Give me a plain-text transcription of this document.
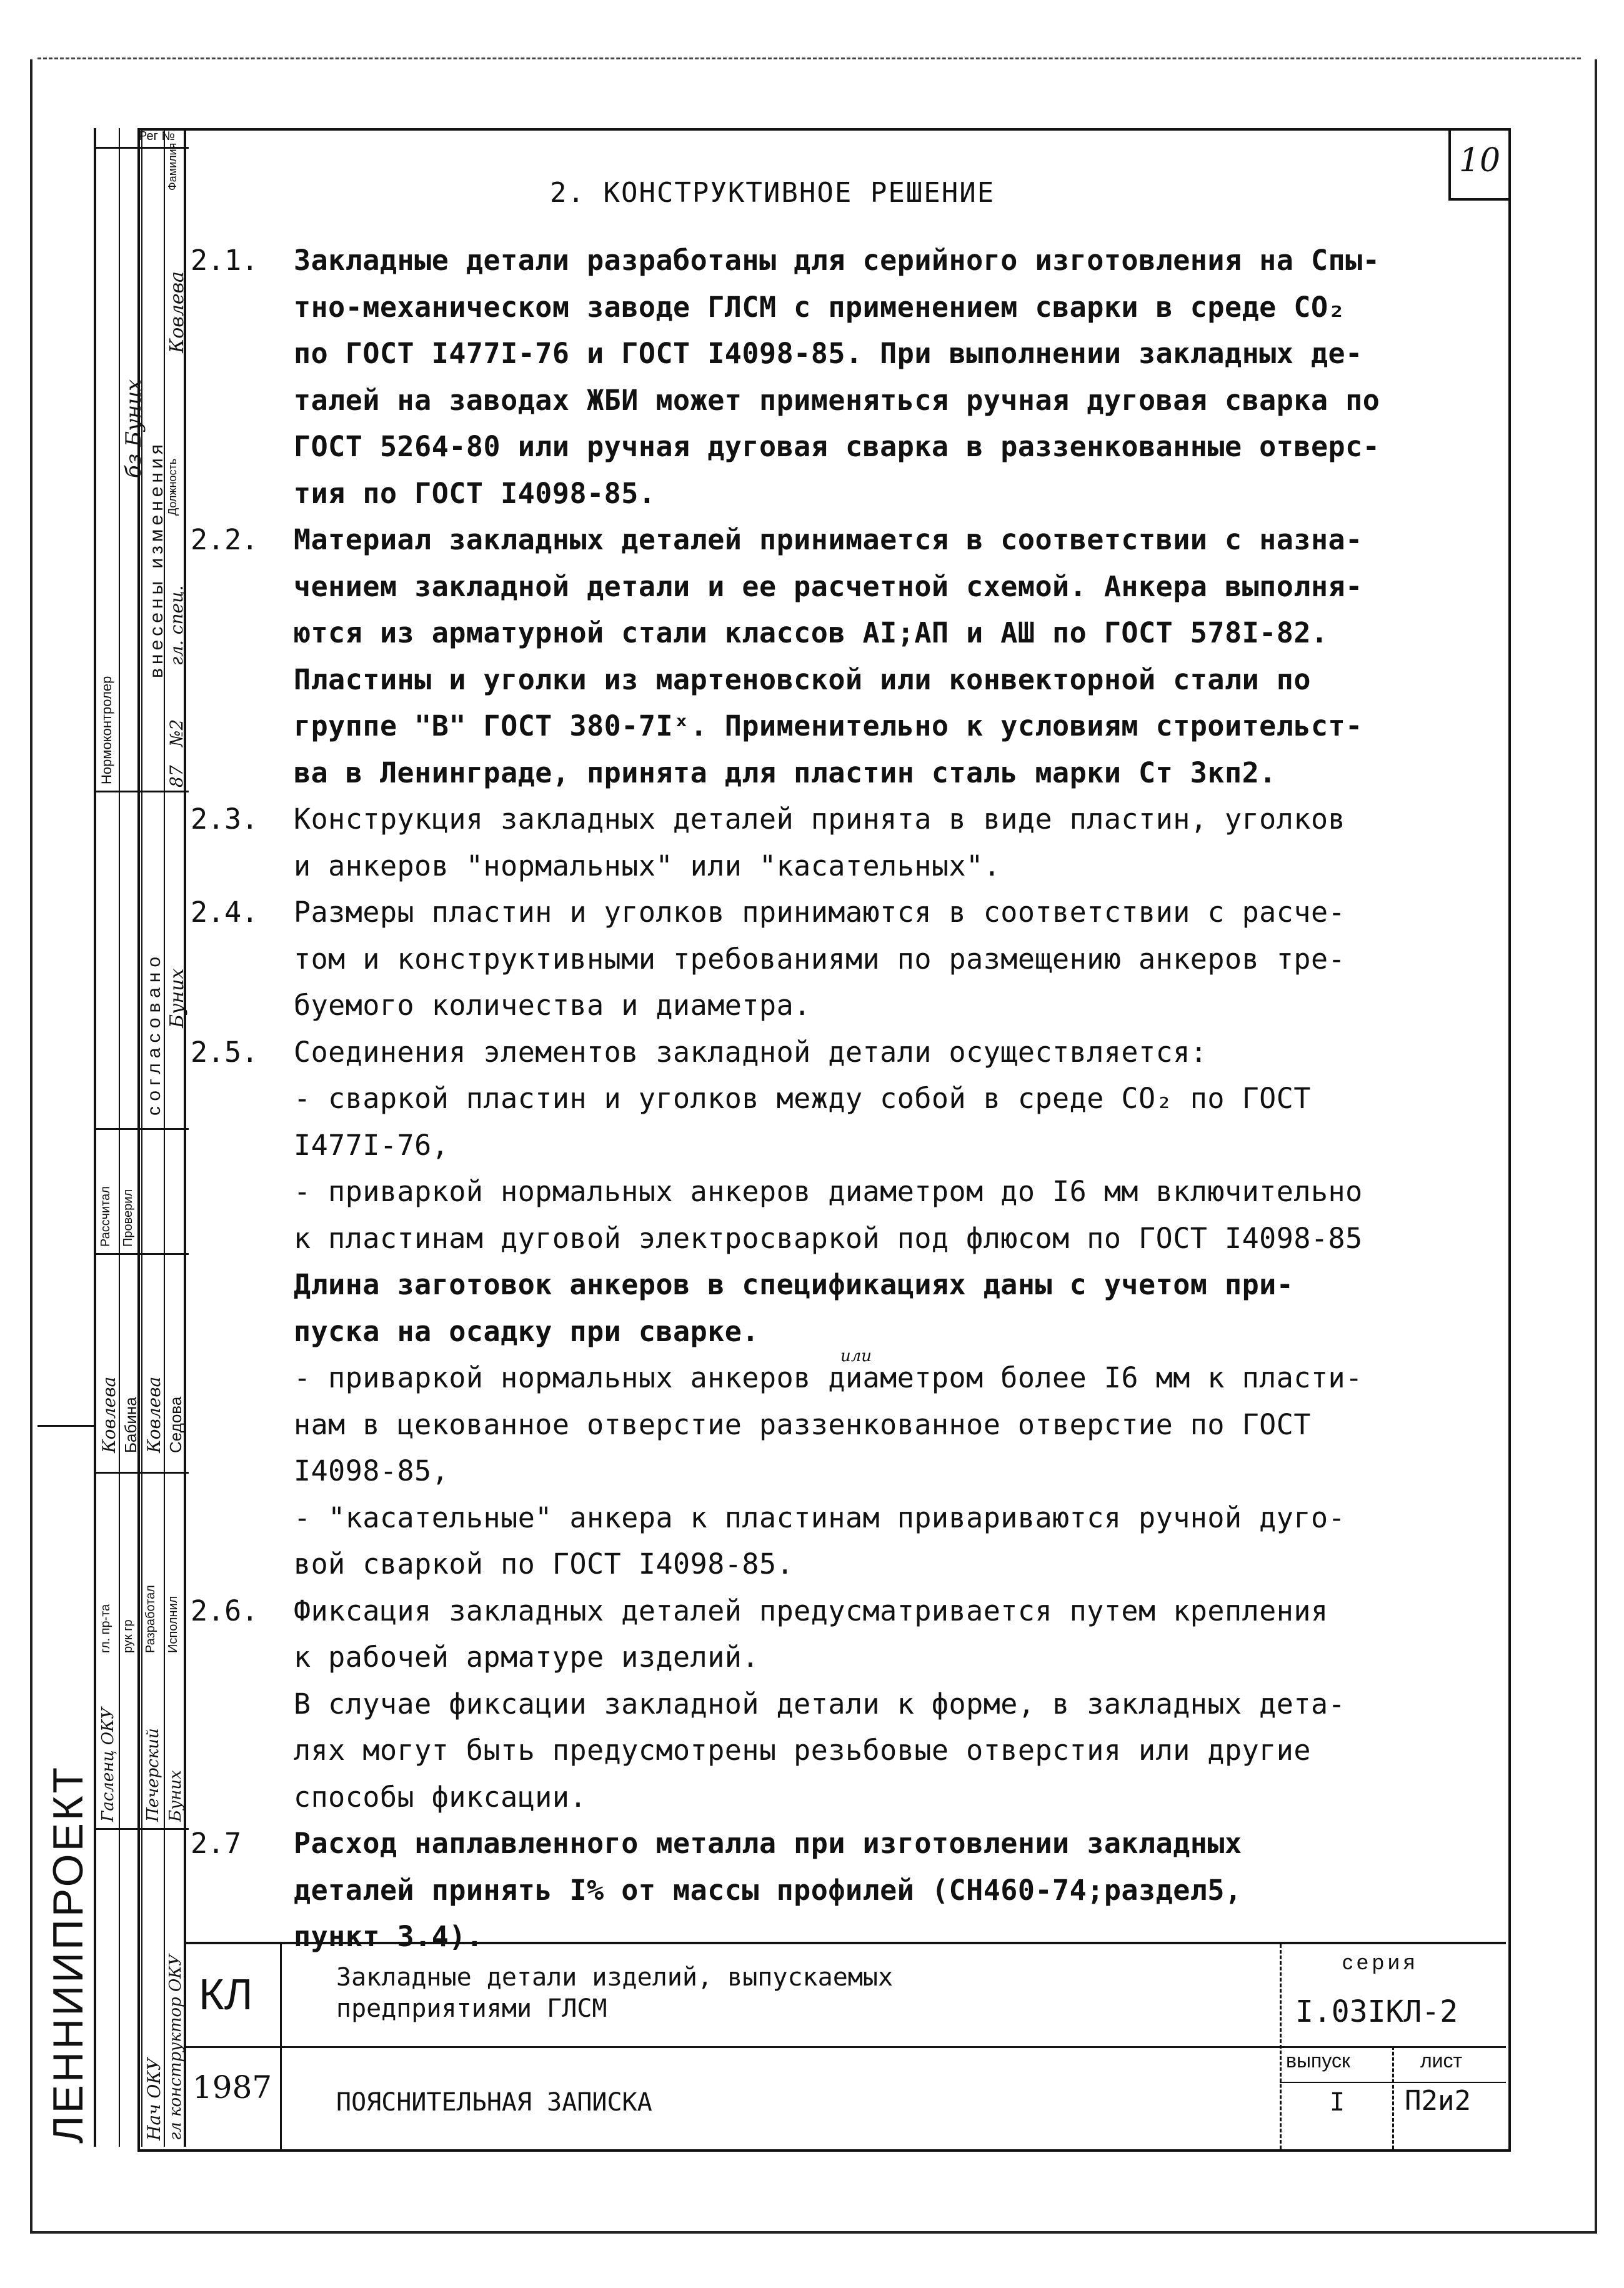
10
Рег №
внесены изменения
Ковлева
Фамилия
гл. спец.
Должность
№2
87
бз Буних
Нормоконтролер
согласовано Буних
Рассчитал Проверил
Ковлева Бабина Ковлева Седова
гл. пр-та рук гр Разработал Исполнил
Гасленц ОКУ Печерский Буних
Нач ОКУ гл конструктор ОКУ
ЛЕННИИПРОЕКТ
2. КОНСТРУКТИВНОЕ РЕШЕНИЕ
2.1. Закладные детали разработаны для серийного изготовления на Спы-
тно-механическом заводе ГЛСМ с применением сварки в среде СО₂
по ГОСТ І477І-76 и ГОСТ І4098-85. При выполнении закладных де-
талей на заводах ЖБИ может применяться ручная дуговая сварка по
ГОСТ 5264-80 или ручная дуговая сварка в раззенкованные отверс-
тия по ГОСТ І4098-85.
2.2. Материал закладных деталей принимается в соответствии с назна-
чением закладной детали и ее расчетной схемой. Анкера выполня-
ются из арматурной стали классов АІ;АП и АШ по ГОСТ 578І-82.
Пластины и уголки из мартеновской или конвекторной стали по
группе "В" ГОСТ 380-7Іˣ. Применительно к условиям строительст-
ва в Ленинграде, принята для пластин сталь марки Ст 3кп2.
2.3. Конструкция закладных деталей принята в виде пластин, уголков
и анкеров "нормальных" или "касательных".
2.4. Размеры пластин и уголков принимаются в соответствии с расче-
том и конструктивными требованиями по размещению анкеров тре-
буемого количества и диаметра.
2.5. Соединения элементов закладной детали осуществляется:
- сваркой пластин и уголков между собой в среде СО₂ по ГОСТ
І477І-76,
- приваркой нормальных анкеров диаметром до І6 мм включительно
к пластинам дуговой электросваркой под флюсом по ГОСТ І4098-85
Длина заготовок анкеров в спецификациях даны с учетом при-
пуска на осадку при сварке.
- приваркой нормальных анкеров диаметром более І6 мм к пласти-
нам в цекованное отверстие раззенкованное отверстие по ГОСТ
І4098-85,
- "касательные" анкера к пластинам привариваются ручной дуго-
вой сваркой по ГОСТ І4098-85.
2.6. Фиксация закладных деталей предусматривается путем крепления
к рабочей арматуре изделий.
В случае фиксации закладной детали к форме, в закладных дета-
лях могут быть предусмотрены резьбовые отверстия или другие
способы фиксации.
2.7 Расход наплавленного металла при изготовлении закладных
деталей принять І% от массы профилей (СН460-74;раздел5,
пункт 3.4).
или
КЛ
1987
Закладные детали изделий, выпускаемых
предприятиями ГЛСМ
ПОЯСНИТЕЛЬНАЯ ЗАПИСКА
серия
І.03ІКЛ-2
выпуск
І
лист
П2и2
